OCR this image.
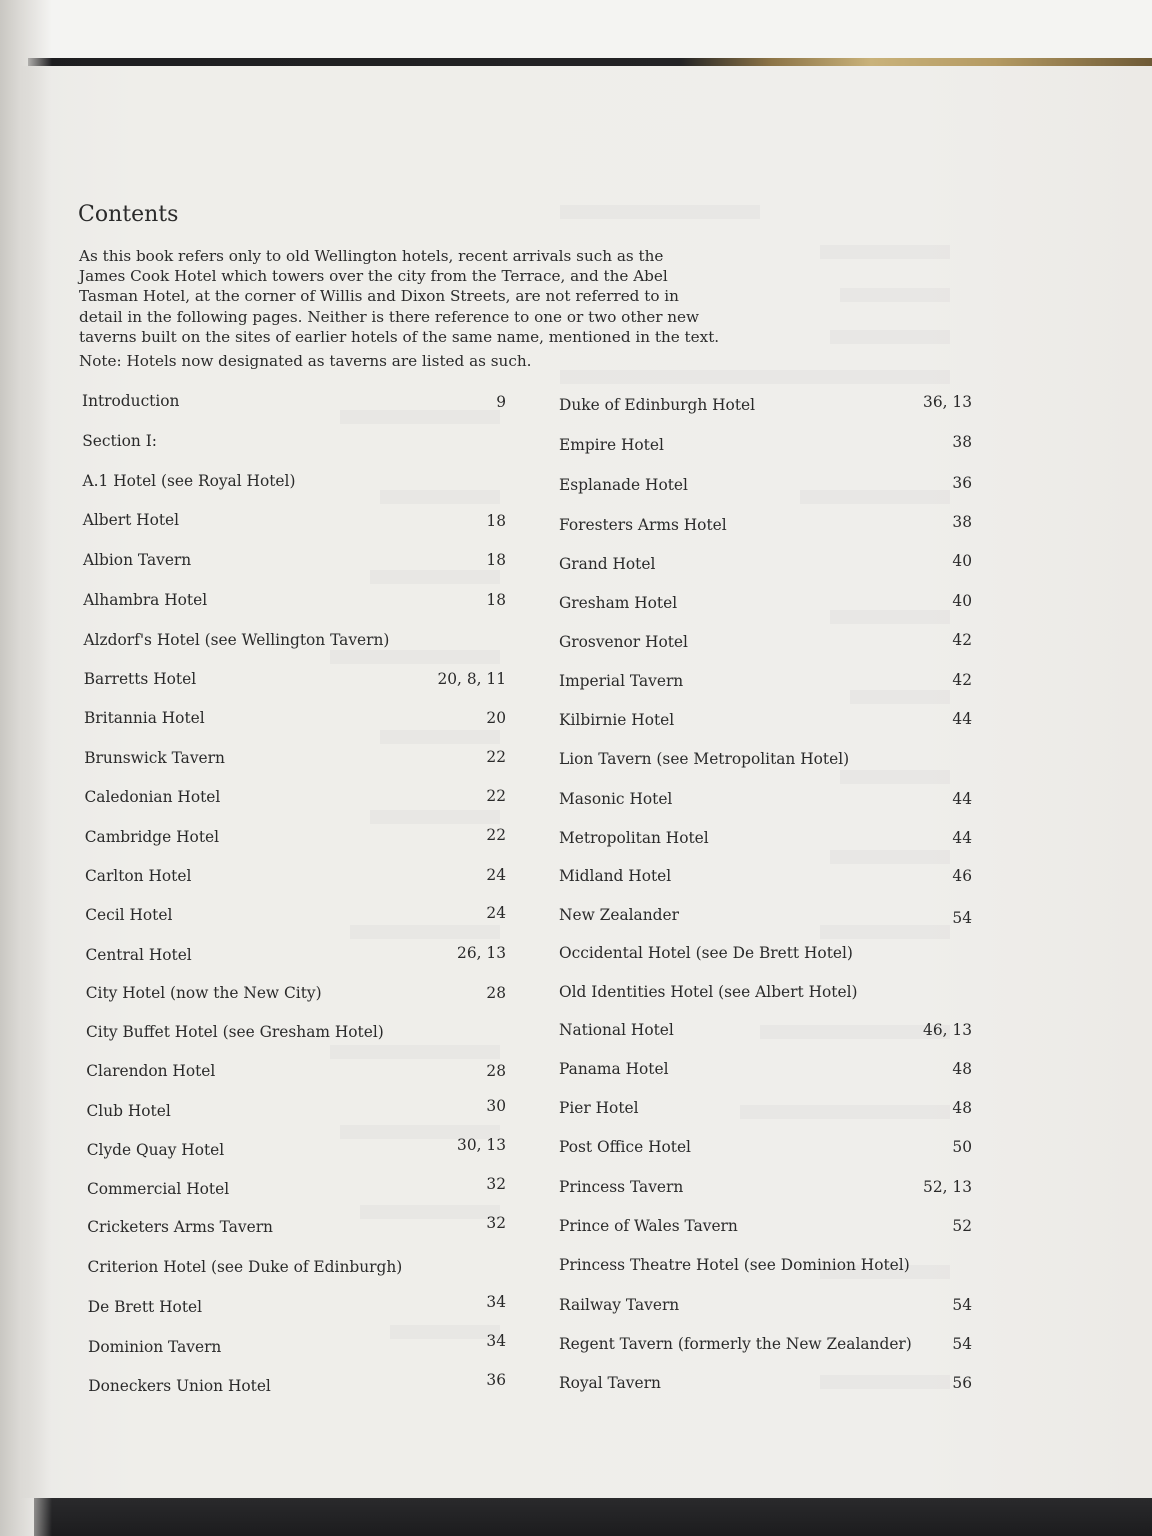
Contents
As this book refers only to old Wellington hotels, recent arrivals such as the
James Cook Hotel which towers over the city from the Terrace, and the Abel
Tasman Hotel, at the corner of Willis and Dixon Streets, are not referred to in
detail in the following pages. Neither is there reference to one or two other new
taverns built on the sites of earlier hotels of the same name, mentioned in the text.
Note: Hotels now designated as taverns are listed as such.
Introduction	9
Section I:
A.1 Hotel (see Royal Hotel)
Albert Hotel	18
Albion Tavern	18
Alhambra Hotel	18
Alzdorf's Hotel (see Wellington Tavern)
Barretts Hotel	20, 8, 11
Britannia Hotel	20
Brunswick Tavern	22
Caledonian Hotel	22
Cambridge Hotel	22
Carlton Hotel	24
Cecil Hotel	24
Central Hotel	26, 13
City Hotel (now the New City)	28
City Buffet Hotel (see Gresham Hotel)
Clarendon Hotel	28
Club Hotel	30
Clyde Quay Hotel	30, 13
Commercial Hotel	32
Cricketers Arms Tavern	32
Criterion Hotel (see Duke of Edinburgh)
De Brett Hotel	34
Dominion Tavern	34
Doneckers Union Hotel	36
Duke of Edinburgh Hotel	36, 13
Empire Hotel	38
Esplanade Hotel	36
Foresters Arms Hotel	38
Grand Hotel	40
Gresham Hotel	40
Grosvenor Hotel	42
Imperial Tavern	42
Kilbirnie Hotel	44
Lion Tavern (see Metropolitan Hotel)
Masonic Hotel	44
Metropolitan Hotel	44
Midland Hotel	46
New Zealander	54
Occidental Hotel (see De Brett Hotel)
Old Identities Hotel (see Albert Hotel)
National Hotel	46, 13
Panama Hotel	48
Pier Hotel	48
Post Office Hotel	50
Princess Tavern	52, 13
Prince of Wales Tavern	52
Princess Theatre Hotel (see Dominion Hotel)
Railway Tavern	54
Regent Tavern (formerly the New Zealander)	54
Royal Tavern	56
